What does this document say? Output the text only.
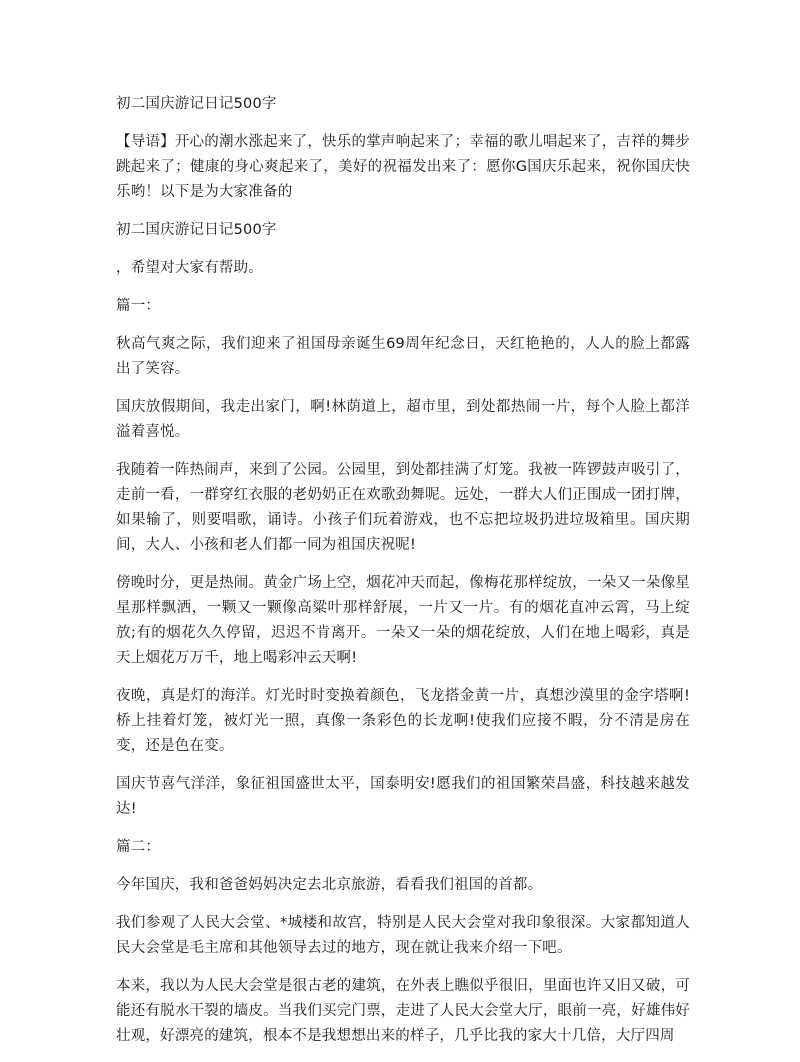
初二国庆游记日记500字

【导语】开心的潮水涨起来了，快乐的掌声响起来了；幸福的歌儿唱起来了，吉祥的舞步跳起来了；健康的身心爽起来了，美好的祝福发出来了：愿你G国庆乐起来，祝你国庆快乐哟！以下是为大家准备的

初二国庆游记日记500字

，希望对大家有帮助。

篇一：

秋高气爽之际，我们迎来了祖国母亲诞生69周年纪念日，天红艳艳的，人人的脸上都露出了笑容。

国庆放假期间，我走出家门，啊!林荫道上，超市里，到处都热闹一片，每个人脸上都洋溢着喜悦。

我随着一阵热闹声，来到了公园。公园里，到处都挂满了灯笼。我被一阵锣鼓声吸引了，走前一看，一群穿红衣服的老奶奶正在欢歌劲舞呢。远处，一群大人们正围成一团打牌，如果输了，则要唱歌，诵诗。小孩子们玩着游戏，也不忘把垃圾扔进垃圾箱里。国庆期间，大人、小孩和老人们都一同为祖国庆祝呢!

傍晚时分，更是热闹。黄金广场上空，烟花冲天而起，像梅花那样绽放，一朵又一朵像星星那样飘洒，一颗又一颗像高粱叶那样舒展，一片又一片。有的烟花直冲云霄，马上绽放;有的烟花久久停留，迟迟不肯离开。一朵又一朵的烟花绽放，人们在地上喝彩，真是天上烟花万万千，地上喝彩冲云天啊!

夜晚，真是灯的海洋。灯光时时变换着颜色，飞龙搭金黄一片，真想沙漠里的金字塔啊!桥上挂着灯笼，被灯光一照，真像一条彩色的长龙啊!使我们应接不暇，分不清是房在变，还是色在变。

国庆节喜气洋洋，象征祖国盛世太平，国泰明安!愿我们的祖国繁荣昌盛，科技越来越发达!

篇二：

今年国庆，我和爸爸妈妈决定去北京旅游，看看我们祖国的首都。

我们参观了人民大会堂、*城楼和故宫，特别是人民大会堂对我印象很深。大家都知道人民大会堂是毛主席和其他领导去过的地方，现在就让我来介绍一下吧。

本来，我以为人民大会堂是很古老的建筑，在外表上瞧似乎很旧，里面也许又旧又破，可能还有脱水干裂的墙皮。当我们买完门票，走进了人民大会堂大厅，眼前一亮，好雄伟好壮观，好漂亮的建筑，根本不是我想想出来的样子，几乎比我的家大十几倍，大厅四周
